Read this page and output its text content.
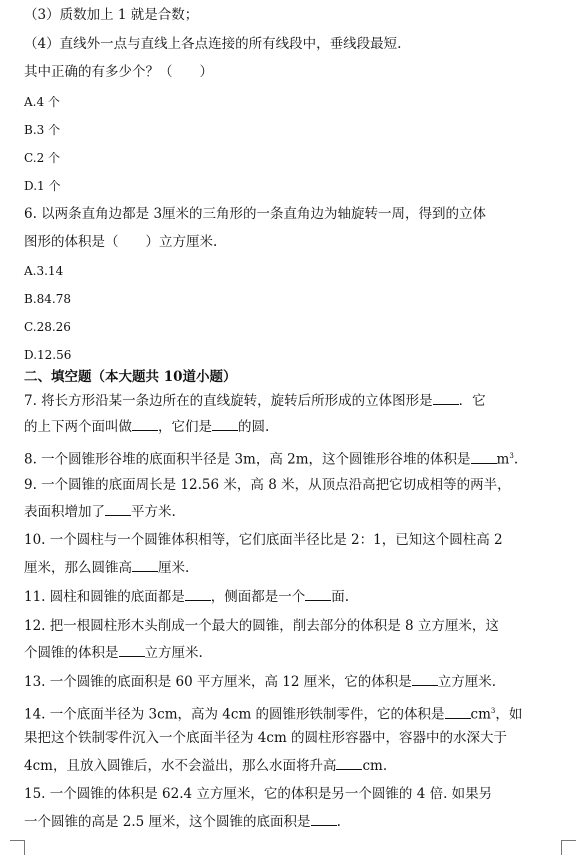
（3）质数加上 1 就是合数；
（4）直线外一点与直线上各点连接的所有线段中，垂线段最短.
其中正确的有多少个？（　　）
A.4 个
B.3 个
C.2 个
D.1 个
6. 以两条直角边都是 3厘米的三角形的一条直角边为轴旋转一周，得到的立体
图形的体积是（　　）立方厘米.
A.3.14
B.84.78
C.28.26
D.12.56
二、填空题（本大题共 10道小题）
7. 将长方形沿某一条边所在的直线旋转，旋转后所形成的立体图形是 ．它
的上下两个面叫做 ，它们是 的圆.
8. 一个圆锥形谷堆的底面积半径是 3m，高 2m，这个圆锥形谷堆的体积是 $m^3$.
9. 一个圆锥的底面周长是 12.56 米，高 8 米，从顶点沿高把它切成相等的两半，
表面积增加了 平方米.
10. 一个圆柱与一个圆锥体积相等，它们底面半径比是 2：1，已知这个圆柱高 2
厘米，那么圆锥高 厘米.
11. 圆柱和圆锥的底面都是 ，侧面都是一个 面.
12. 把一根圆柱形木头削成一个最大的圆锥，削去部分的体积是 8 立方厘米，这
个圆锥的体积是 立方厘米.
13. 一个圆锥的底面积是 60 平方厘米，高 12 厘米，它的体积是 立方厘米.
14. 一个底面半径为 3cm，高为 4cm 的圆锥形铁制零件，它的体积是 $cm^3$，如
果把这个铁制零件沉入一个底面半径为 4cm 的圆柱形容器中，容器中的水深大于
4cm，且放入圆锥后，水不会溢出，那么水面将升高 cm.
15. 一个圆锥的体积是 62.4 立方厘米，它的体积是另一个圆锥的 4 倍. 如果另
一个圆锥的高是 2.5 厘米，这个圆锥的底面积是 .
